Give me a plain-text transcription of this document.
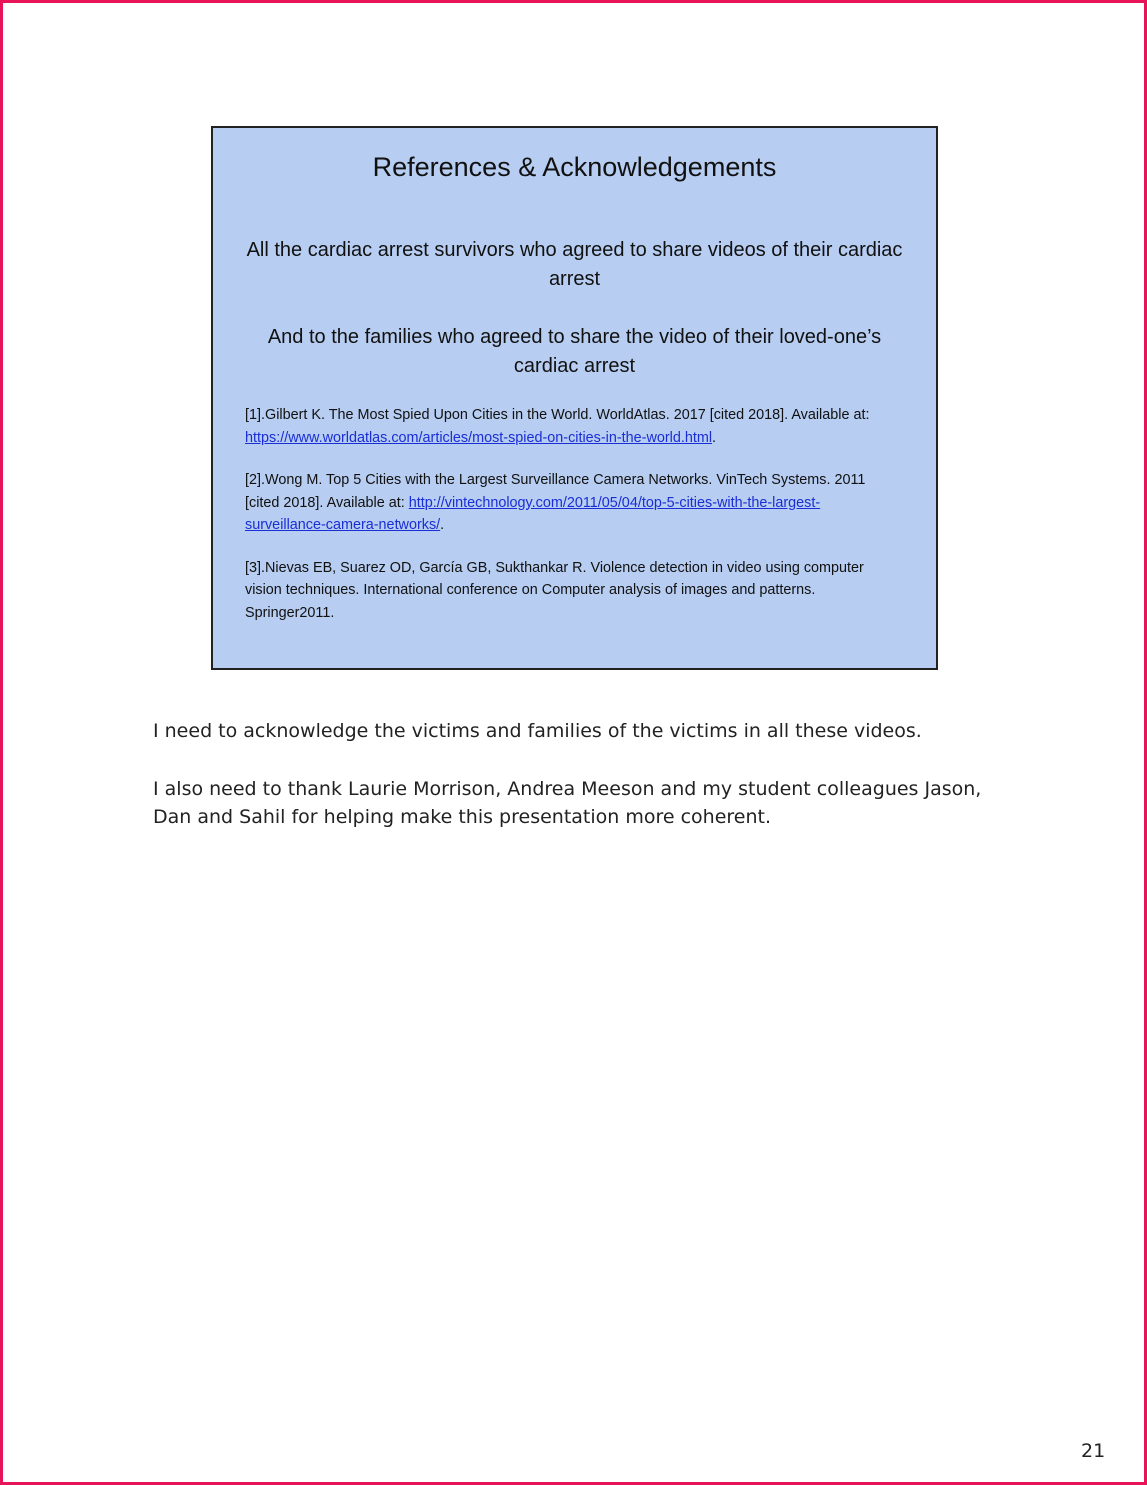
References & Acknowledgements
All the cardiac arrest survivors who agreed to share videos of their cardiac arrest
And to the families who agreed to share the video of their loved-one’s cardiac arrest
[1].Gilbert K. The Most Spied Upon Cities in the World. WorldAtlas. 2017 [cited 2018]. Available at: https://www.worldatlas.com/articles/most-spied-on-cities-in-the-world.html.
[2].Wong M. Top 5 Cities with the Largest Surveillance Camera Networks. VinTech Systems. 2011 [cited 2018]. Available at: http://vintechnology.com/2011/05/04/top-5-cities-with-the-largest-surveillance-camera-networks/.
[3].Nievas EB, Suarez OD, García GB, Sukthankar R. Violence detection in video using computer vision techniques. International conference on Computer analysis of images and patterns. Springer2011.

I need to acknowledge the victims and families of the victims in all these videos.

I also need to thank Laurie Morrison, Andrea Meeson and my student colleagues Jason, Dan and Sahil for helping make this presentation more coherent.

21
